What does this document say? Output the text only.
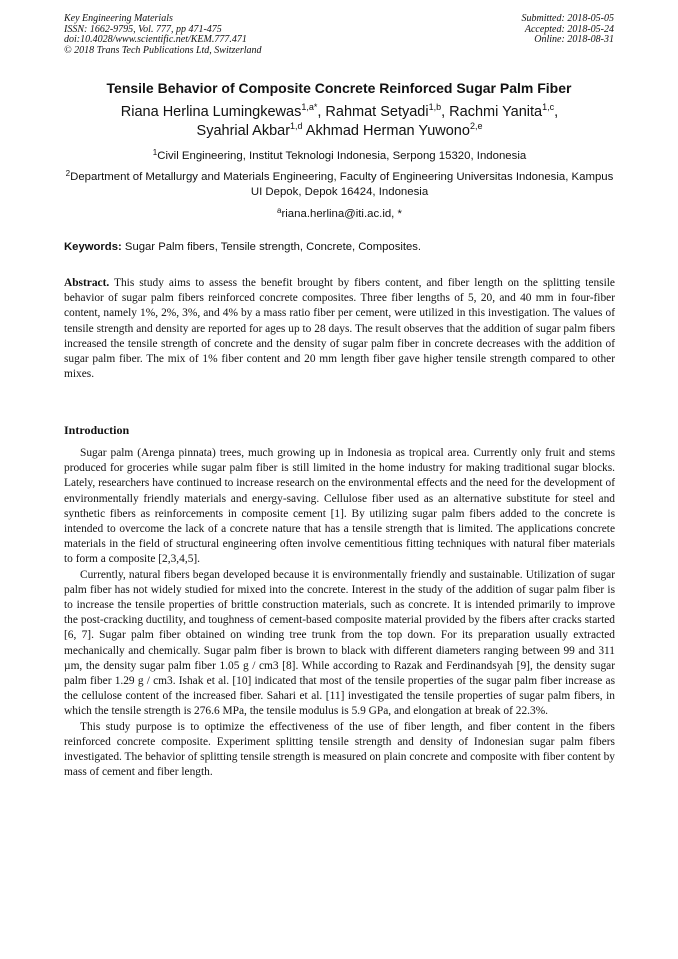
Key Engineering Materials
ISSN: 1662-9795, Vol. 777, pp 471-475
doi:10.4028/www.scientific.net/KEM.777.471
© 2018 Trans Tech Publications Ltd, Switzerland
Submitted: 2018-05-05
Accepted: 2018-05-24
Online: 2018-08-31
Tensile Behavior of Composite Concrete Reinforced Sugar Palm Fiber
Riana Herlina Lumingkewas$^{1,a*}$, Rahmat Setyadi$^{1,b}$, Rachmi Yanita$^{1,c}$,
Syahrial Akbar$^{1,d}$ Akhmad Herman Yuwono$^{2,e}$
$^1$Civil Engineering, Institut Teknologi Indonesia, Serpong 15320, Indonesia
$^2$Department of Metallurgy and Materials Engineering, Faculty of Engineering Universitas Indonesia, Kampus UI Depok, Depok 16424, Indonesia
$^a$riana.herlina@iti.ac.id, *
Keywords: Sugar Palm fibers, Tensile strength, Concrete, Composites.

Abstract. This study aims to assess the benefit brought by fibers content, and fiber length on the splitting tensile behavior of sugar palm fibers reinforced concrete composites. Three fiber lengths of 5, 20, and 40 mm in four-fiber content, namely 1%, 2%, 3%, and 4% by a mass ratio fiber per cement, were utilized in this investigation. The values of tensile strength and density are reported for ages up to 28 days. The result observes that the addition of sugar palm fibers increased the tensile strength of concrete and the density of sugar palm fiber in concrete decreases with the addition of sugar palm fiber. The mix of 1% fiber content and 20 mm length fiber gave higher tensile strength compared to other mixes.

Introduction

Sugar palm (Arenga pinnata) trees, much growing up in Indonesia as tropical area. Currently only fruit and stems produced for groceries while sugar palm fiber is still limited in the home industry for making traditional sugar blocks. Lately, researchers have continued to increase research on the environmental effects and the need for the development of environmentally friendly materials and energy-saving. Cellulose fiber used as an alternative substitute for steel and synthetic fibers as reinforcements in composite cement [1]. By utilizing sugar palm fibers added to the concrete is intended to overcome the lack of a concrete nature that has a tensile strength that is limited. The applications concrete materials in the field of structural engineering often involve cementitious fitting techniques with natural fiber materials to form a composite [2,3,4,5].

Currently, natural fibers began developed because it is environmentally friendly and sustainable. Utilization of sugar palm fiber has not widely studied for mixed into the concrete. Interest in the study of the addition of sugar palm fiber is to increase the tensile properties of brittle construction materials, such as concrete. It is intended primarily to improve the post-cracking ductility, and toughness of cement-based composite material provided by the fibers after cracks started [6, 7]. Sugar palm fiber obtained on winding tree trunk from the top down. For its preparation usually extracted mechanically and chemically. Sugar palm fiber is brown to black with different diameters ranging between 99 and 311 µm, the density sugar palm fiber 1.05 g / cm3 [8]. While according to Razak and Ferdinandsyah [9], the density sugar palm fiber 1.29 g / cm3. Ishak et al. [10] indicated that most of the tensile properties of the sugar palm fiber increase as the cellulose content of the increased fiber. Sahari et al. [11] investigated the tensile properties of sugar palm fibers, in which the tensile strength is 276.6 MPa, the tensile modulus is 5.9 GPa, and elongation at break of 22.3%.

This study purpose is to optimize the effectiveness of the use of fiber length, and fiber content in the fibers reinforced concrete composite. Experiment splitting tensile strength and density of Indonesian sugar palm fibers investigated. The behavior of splitting tensile strength is measured on plain concrete and composite with fiber content by mass of cement and fiber length.
